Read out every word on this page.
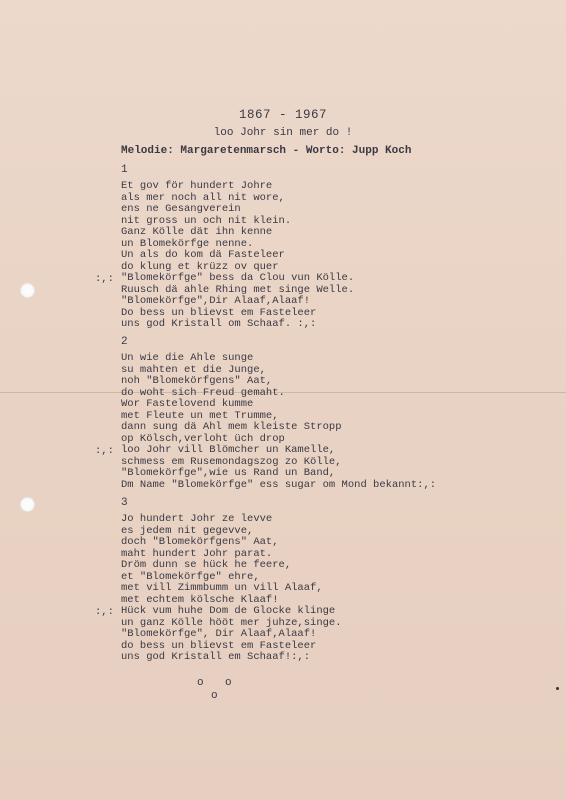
1867 - 1967
loo Johr sin mer do !
Melodie: Margaretenmarsch - Worto: Jupp Koch
1
Et gov för hundert Johre
als mer noch all nit wore,
ens ne Gesangverein
nit gross un och nit klein.
Ganz Kölle dät ihn kenne
un Blomekörfge nenne.
Un als do kom dä Fasteleer
do klung et krüzz ov quer
:,: "Blomekörfge" bess da Clou vun Kölle.
Ruusch dä ahle Rhing met singe Welle.
"Blomekörfge",Dir Alaaf,Alaaf!
Do bess un blievst em Fasteleer
uns god Kristall om Schaaf. :,:
2
Un wie die Ahle sunge
su mahten et die Junge,
noh "Blomekörfgens" Aat,
do woht sich Freud gemaht.
Wor Fastelovend kumme
met Fleute un met Trumme,
dann sung dä Ahl mem kleiste Stropp
op Kölsch,verloht üch drop
:,: loo Johr vill Blömcher un Kamelle,
schmess em Rusemondagszog zo Kölle,
"Blomekörfge",wie us Rand un Band,
Dm Name "Blomekörfge" ess sugar om Mond bekannt:,:
3
Jo hundert Johr ze levve
es jedem nit gegevve,
doch "Blomekörfgens" Aat,
maht hundert Johr parat.
Dröm dunn se hück he feere,
et "Blomekörfge" ehre,
met vill Zimmbumm un vill Alaaf,
met echtem kölsche Klaaf!
:,: Hück vum huhe Dom de Glocke klinge
un ganz Kölle hööt mer juhze,singe.
"Blomekörfge", Dir Alaaf,Alaaf!
do bess un blievst em Fasteleer
uns god Kristall em Schaaf!:,:
o o
o
